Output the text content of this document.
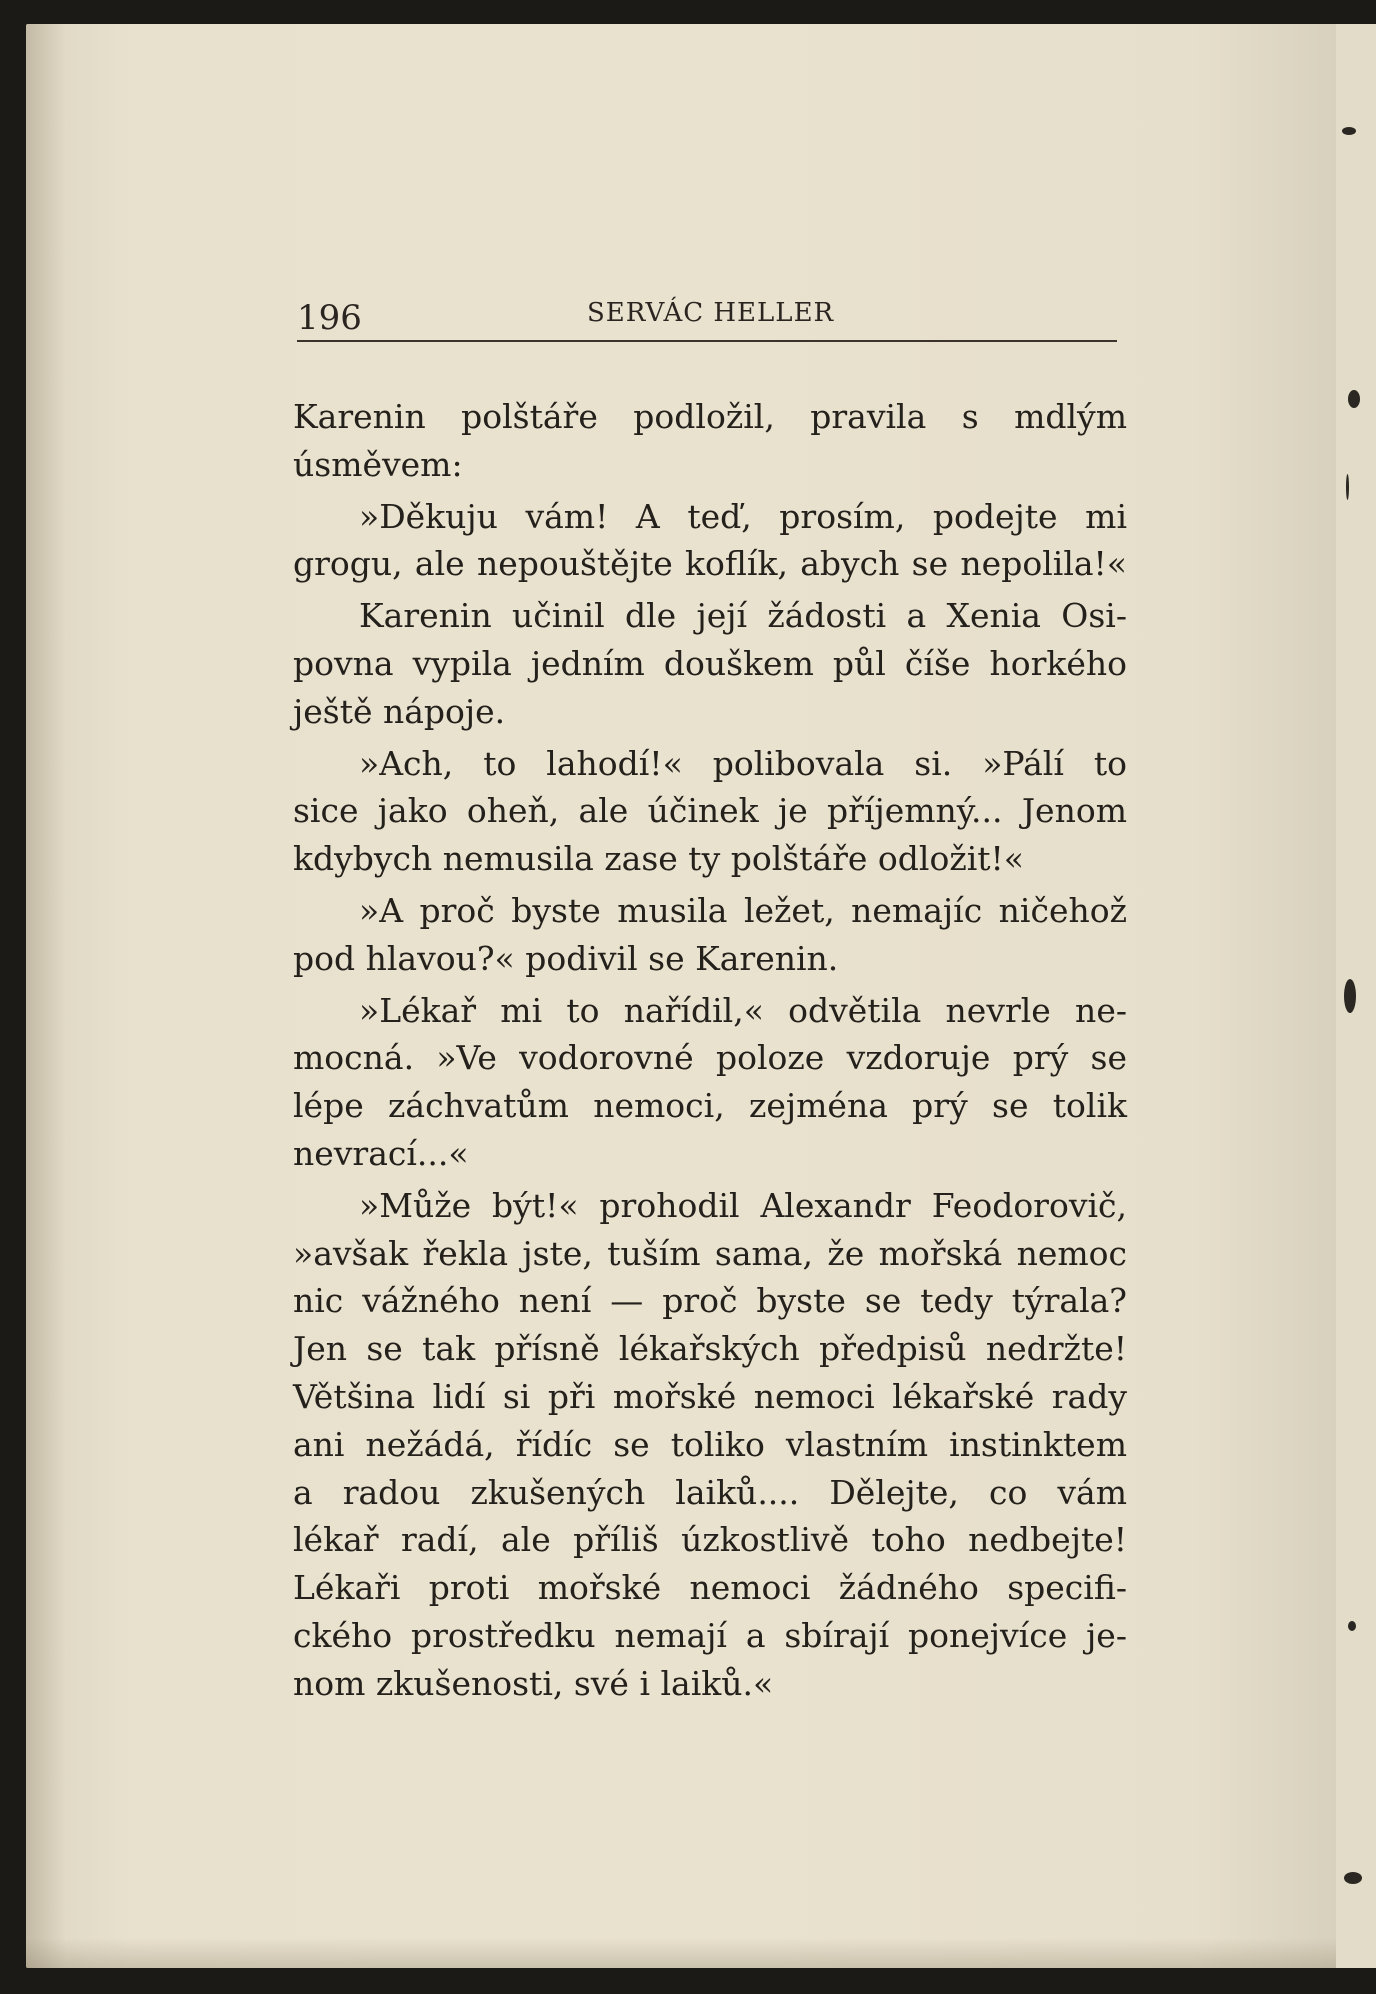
196	SERVÁC HELLER

Karenin polštáře podložil, pravila s mdlým
úsměvem:

»Děkuju vám! A teď, prosím, podejte mi
grogu, ale nepouštějte koflík, abych se nepolila!«

Karenin učinil dle její žádosti a Xenia Osi-
povna vypila jedním douškem půl číše horkého
ještě nápoje.

»Ach, to lahodí!« polibovala si. »Pálí to
sice jako oheň, ale účinek je příjemný... Jenom
kdybych nemusila zase ty polštáře odložit!«

»A proč byste musila ležet, nemajíc ničehož
pod hlavou?« podivil se Karenin.

»Lékař mi to nařídil,« odvětila nevrle ne-
mocná. »Ve vodorovné poloze vzdoruje prý se
lépe záchvatům nemoci, zejména prý se tolik
nevrací...«

»Může být!« prohodil Alexandr Feodorovič,
»avšak řekla jste, tuším sama, že mořská nemoc
nic vážného není — proč byste se tedy týrala?
Jen se tak přísně lékařských předpisů nedržte!
Většina lidí si při mořské nemoci lékařské rady
ani nežádá, řídíc se toliko vlastním instinktem
a radou zkušených laiků.... Dělejte, co vám
lékař radí, ale příliš úzkostlivě toho nedbejte!
Lékaři proti mořské nemoci žádného specifi-
ckého prostředku nemají a sbírají ponejvíce je-
nom zkušenosti, své i laiků.«
